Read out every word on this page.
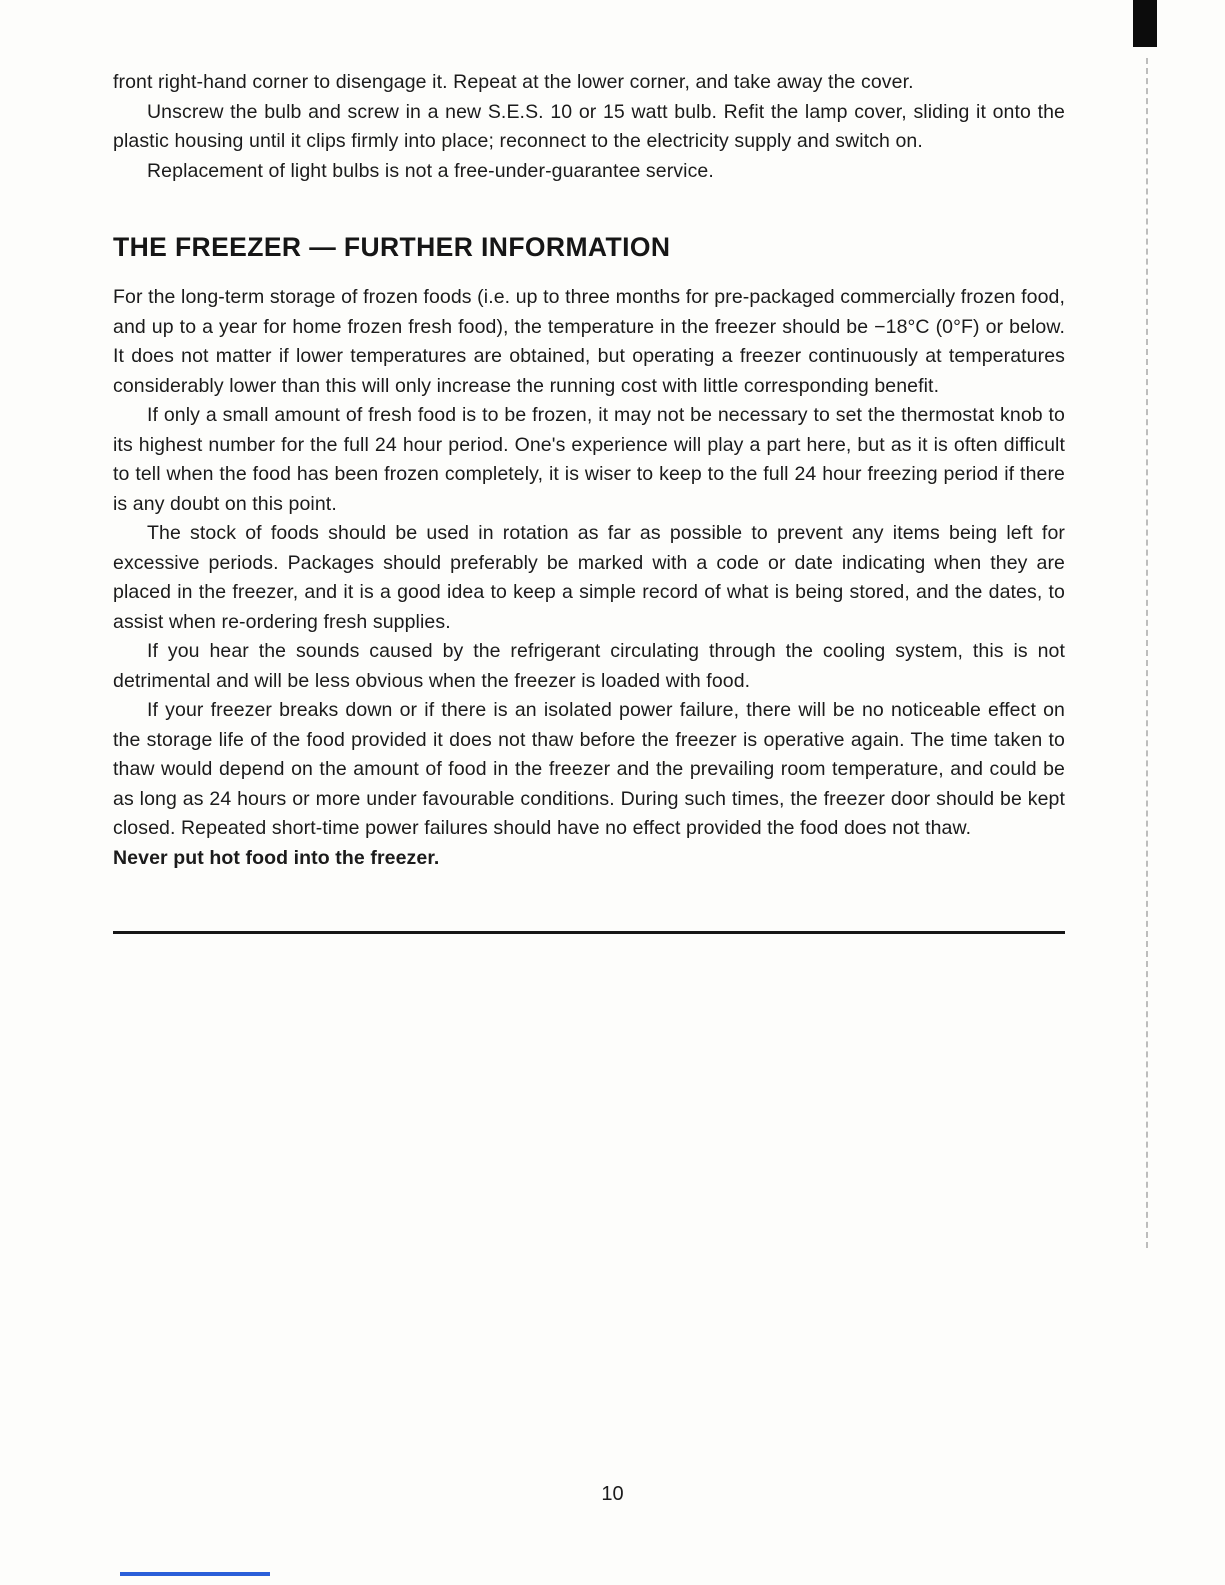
front right-hand corner to disengage it. Repeat at the lower corner, and take away the cover.

Unscrew the bulb and screw in a new S.E.S. 10 or 15 watt bulb. Refit the lamp cover, sliding it onto the plastic housing until it clips firmly into place; reconnect to the electricity supply and switch on.

Replacement of light bulbs is not a free-under-guarantee service.

THE FREEZER — FURTHER INFORMATION

For the long-term storage of frozen foods (i.e. up to three months for pre-packaged commercially frozen food, and up to a year for home frozen fresh food), the temperature in the freezer should be −18°C (0°F) or below. It does not matter if lower temperatures are obtained, but operating a freezer continuously at temperatures considerably lower than this will only increase the running cost with little corresponding benefit.

If only a small amount of fresh food is to be frozen, it may not be necessary to set the thermostat knob to its highest number for the full 24 hour period. One's experience will play a part here, but as it is often difficult to tell when the food has been frozen completely, it is wiser to keep to the full 24 hour freezing period if there is any doubt on this point.

The stock of foods should be used in rotation as far as possible to prevent any items being left for excessive periods. Packages should preferably be marked with a code or date indicating when they are placed in the freezer, and it is a good idea to keep a simple record of what is being stored, and the dates, to assist when re-ordering fresh supplies.

If you hear the sounds caused by the refrigerant circulating through the cooling system, this is not detrimental and will be less obvious when the freezer is loaded with food.

If your freezer breaks down or if there is an isolated power failure, there will be no noticeable effect on the storage life of the food provided it does not thaw before the freezer is operative again. The time taken to thaw would depend on the amount of food in the freezer and the prevailing room temperature, and could be as long as 24 hours or more under favourable conditions. During such times, the freezer door should be kept closed. Repeated short-time power failures should have no effect provided the food does not thaw.

Never put hot food into the freezer.

10
